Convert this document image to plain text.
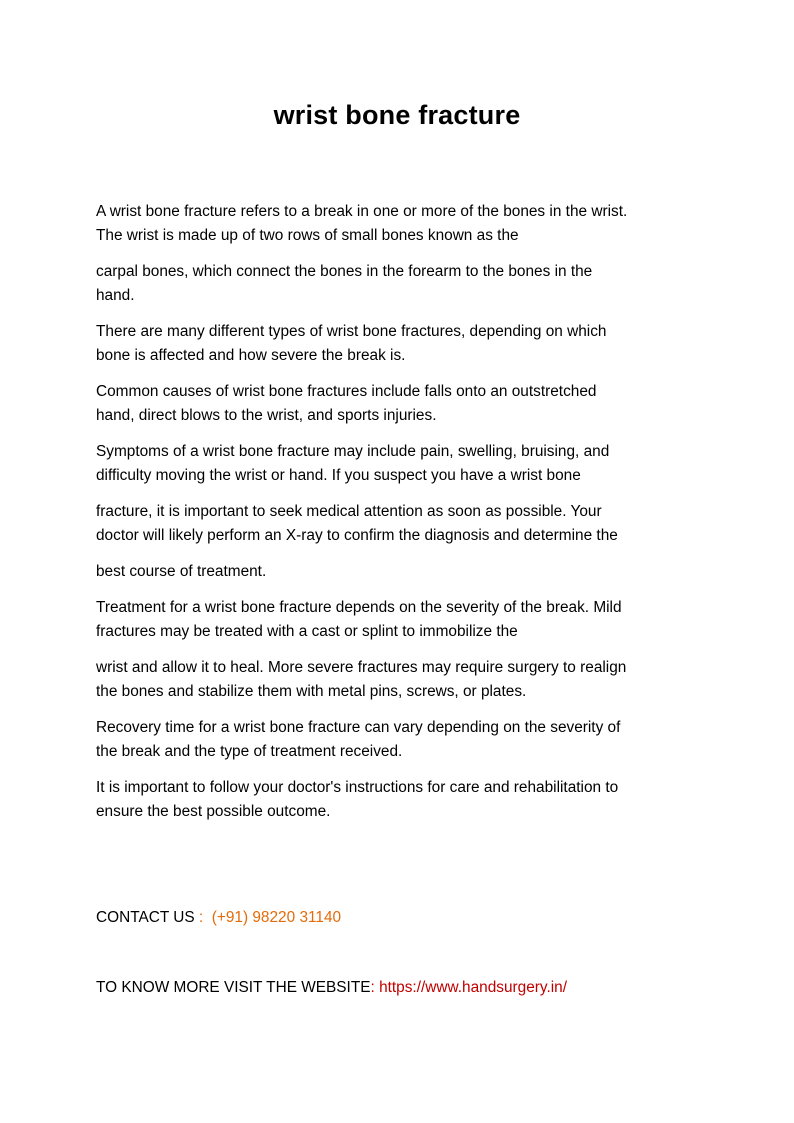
wrist bone fracture

A wrist bone fracture refers to a break in one or more of the bones in the wrist.
The wrist is made up of two rows of small bones known as the

carpal bones, which connect the bones in the forearm to the bones in the
hand.

There are many different types of wrist bone fractures, depending on which
bone is affected and how severe the break is.

Common causes of wrist bone fractures include falls onto an outstretched
hand, direct blows to the wrist, and sports injuries.

Symptoms of a wrist bone fracture may include pain, swelling, bruising, and
difficulty moving the wrist or hand. If you suspect you have a wrist bone

fracture, it is important to seek medical attention as soon as possible. Your
doctor will likely perform an X-ray to confirm the diagnosis and determine the

best course of treatment.

Treatment for a wrist bone fracture depends on the severity of the break. Mild
fractures may be treated with a cast or splint to immobilize the

wrist and allow it to heal. More severe fractures may require surgery to realign
the bones and stabilize them with metal pins, screws, or plates.

Recovery time for a wrist bone fracture can vary depending on the severity of
the break and the type of treatment received.

It is important to follow your doctor's instructions for care and rehabilitation to
ensure the best possible outcome.

CONTACT US :  (+91) 98220 31140
TO KNOW MORE VISIT THE WEBSITE: https://www.handsurgery.in/
